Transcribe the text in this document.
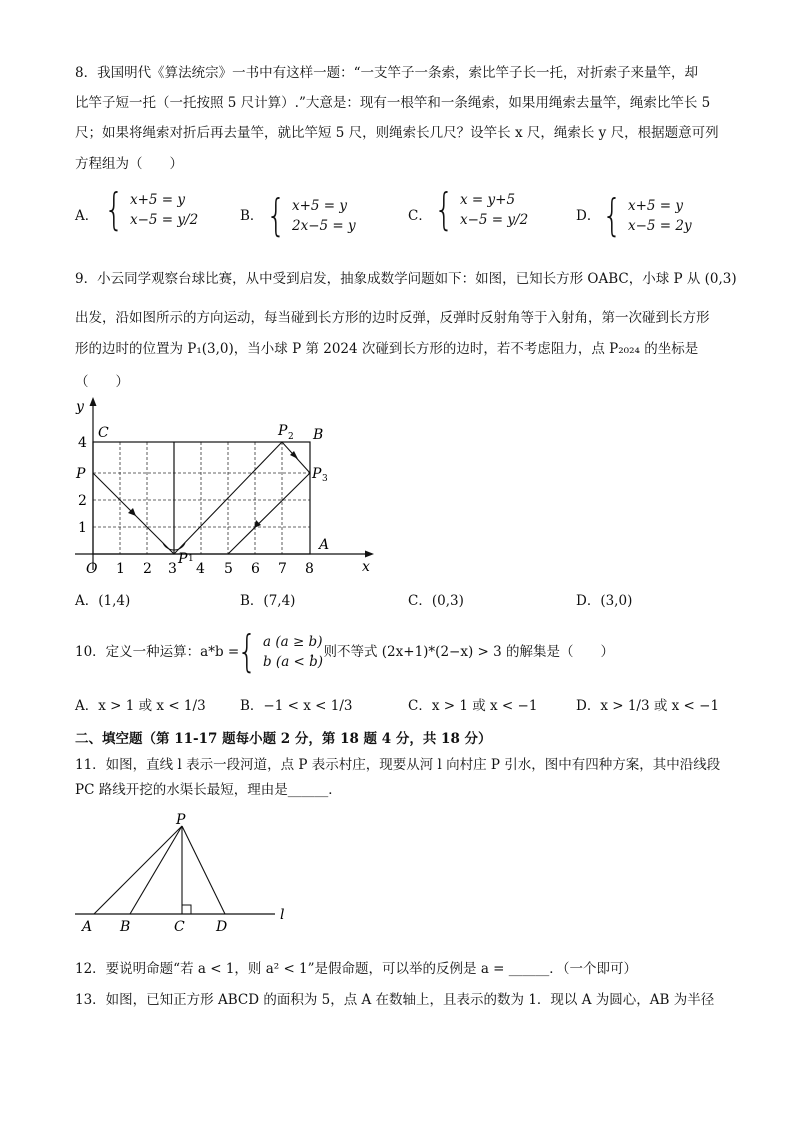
8．我国明代《算法统宗》一书中有这样一题：“一支竿子一条索，索比竿子长一托，对折索子来量竿，却
比竿子短一托（一托按照 5 尺计算）.”大意是：现有一根竿和一条绳索，如果用绳索去量竿，绳索比竿长 5
尺；如果将绳索对折后再去量竿，就比竿短 5 尺，则绳索长几尺？设竿长 x 尺，绳索长 y 尺，根据题意可列
方程组为（　　）
A． { x+5 = y
x−5 = y/2	B． { x+5 = y
2x−5 = y
C． { x = y+5
x−5 = y/2	D． { x+5 = y
x−5 = 2y
9．小云同学观察台球比赛，从中受到启发，抽象成数学问题如下：如图，已知长方形 OABC，小球 P 从 (0,3)
出发，沿如图所示的方向运动，每当碰到长方形的边时反弹，反弹时反射角等于入射角，第一次碰到长方形
形的边时的位置为 P₁(3,0)，当小球 P 第 2024 次碰到长方形的边时，若不考虑阻力，点 P₂₀₂₄ 的坐标是
（　　）
y
x
4
P
2
1
O 1 2 3 4 5 6 7 8
C	B
A
P 2
P 3
P 1
A．(1,4)	B．(7,4)	C．(0,3)	D．(3,0)
10．定义一种运算：a*b =
{ a (a ≥ b)
b (a < b)
，则不等式 (2x+1)*(2−x) > 3 的解集是（　　）
A．x > 1 或 x < 1/3	B．−1 < x < 1/3	C．x > 1 或 x < −1	D．x > 1/3 或 x < −1
二、填空题（第 11-17 题每小题 2 分，第 18 题 4 分，共 18 分）
11．如图，直线 l 表示一段河道，点 P 表示村庄，现要从河 l 向村庄 P 引水，图中有四种方案，其中沿线段
PC 路线开挖的水渠长最短，理由是______．
P
A B	C D
l
12．要说明命题“若 a < 1，则 a² < 1”是假命题，可以举的反例是 a = ______．（一个即可）
13．如图，已知正方形 ABCD 的面积为 5，点 A 在数轴上，且表示的数为 1．现以 A 为圆心，AB 为半径
